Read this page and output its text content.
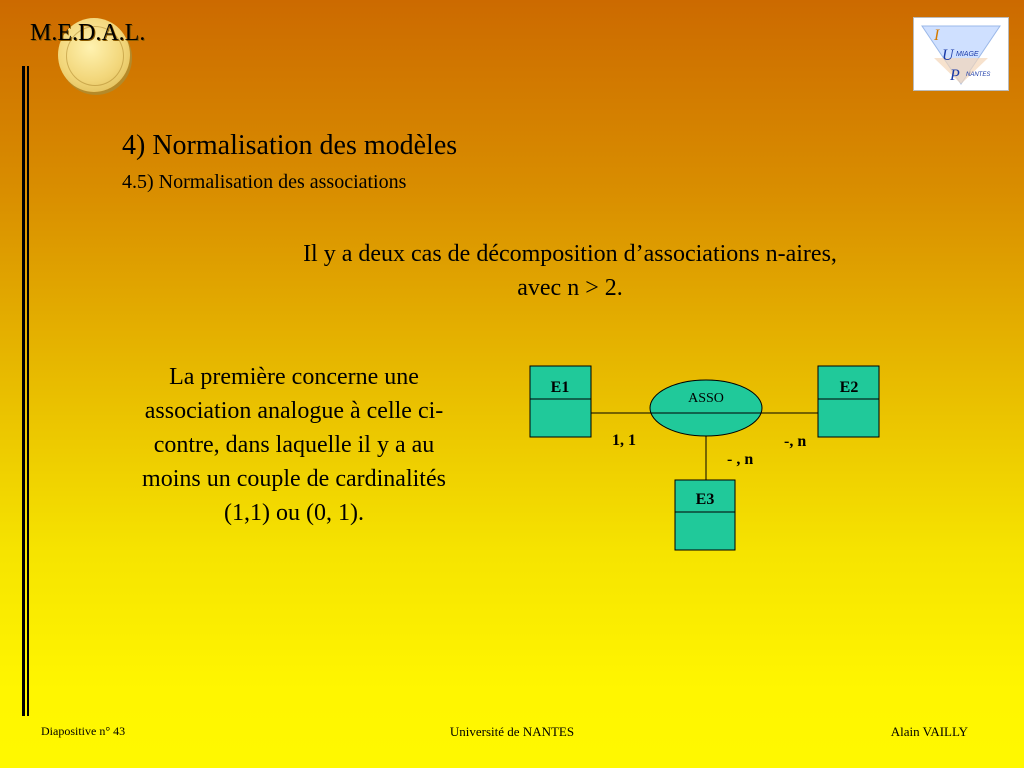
M.E.D.A.L.	I
U
P
MIAGE
NANTES
4) Normalisation des modèles
4.5) Normalisation des associations
Il y a deux cas de décomposition d’associations n-aires,
avec n > 2.
La première concerne une association analogue à celle ci-contre, dans laquelle il y a au moins un couple de cardinalités (1,1) ou (0, 1).
E1	E2
E3
ASSO
1, 1	-, n
- , n
Diapositive n° 43	Université de NANTES	Alain VAILLY
